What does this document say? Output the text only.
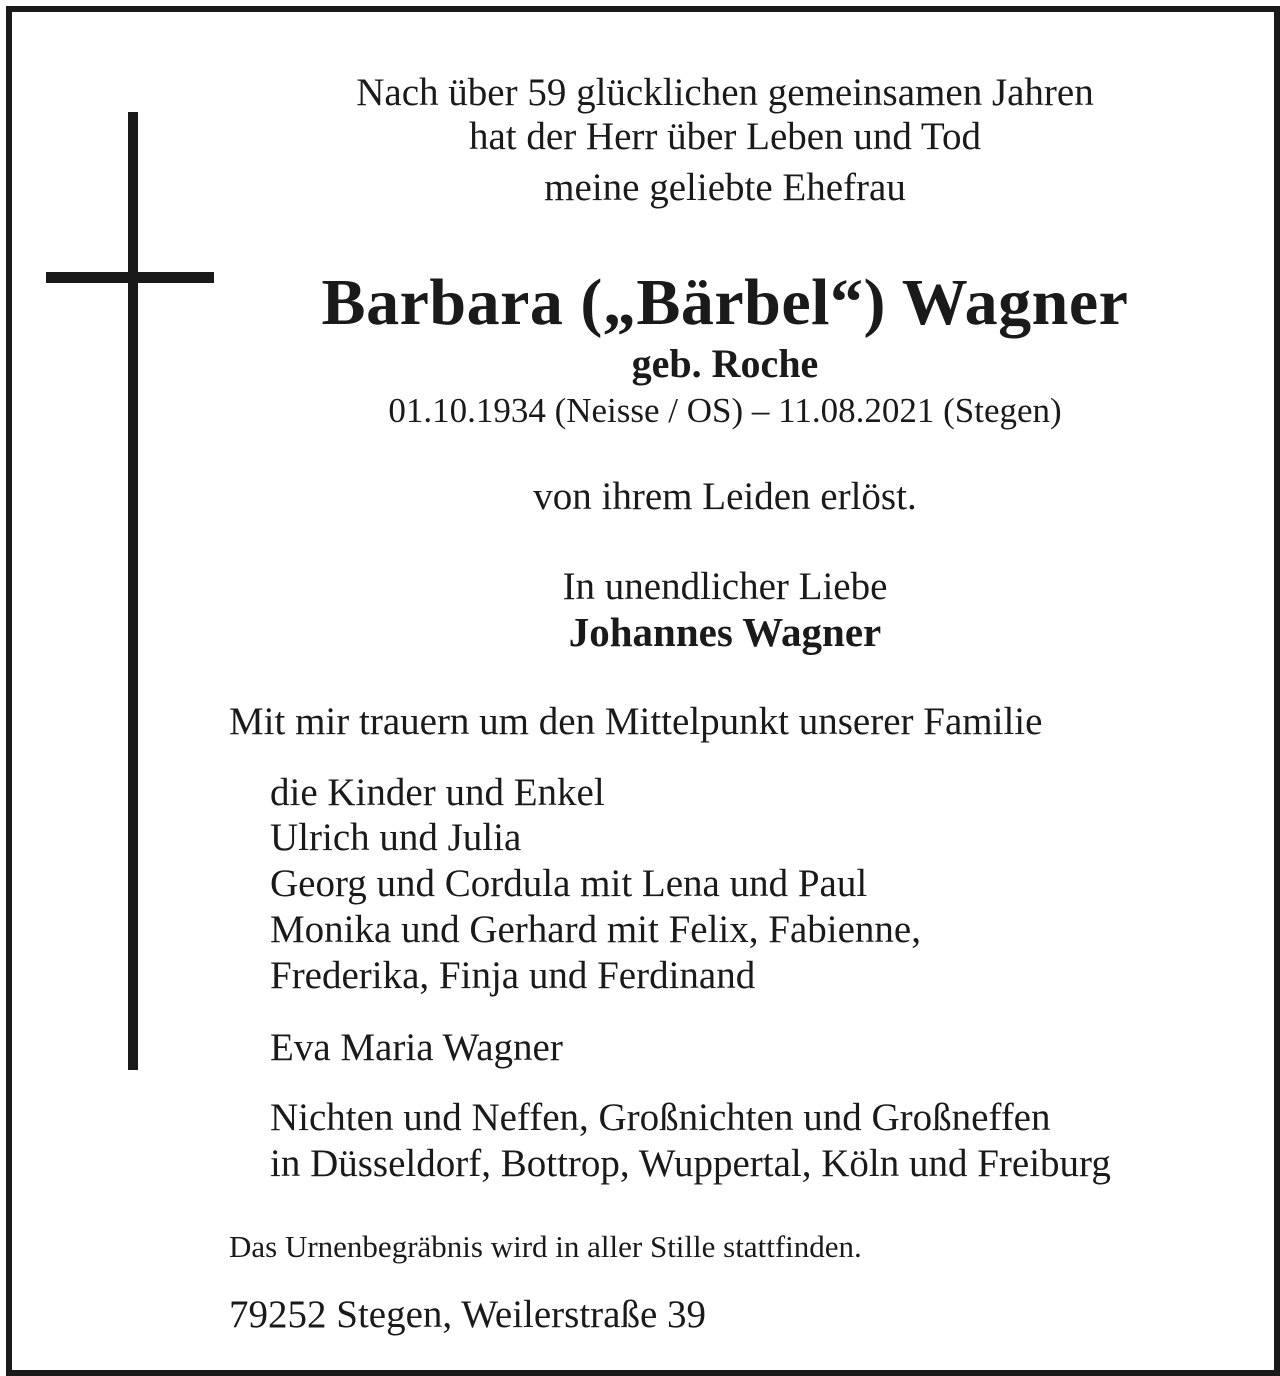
Nach über 59 glücklichen gemeinsamen Jahren
hat der Herr über Leben und Tod
meine geliebte Ehefrau
Barbara („Bärbel“) Wagner
geb. Roche
01.10.1934 (Neisse / OS) – 11.08.2021 (Stegen)
von ihrem Leiden erlöst.
In unendlicher Liebe
Johannes Wagner
Mit mir trauern um den Mittelpunkt unserer Familie
die Kinder und Enkel
Ulrich und Julia
Georg und Cordula mit Lena und Paul
Monika und Gerhard mit Felix, Fabienne,
Frederika, Finja und Ferdinand
Eva Maria Wagner
Nichten und Neffen, Großnichten und Großneffen
in Düsseldorf, Bottrop, Wuppertal, Köln und Freiburg
Das Urnenbegräbnis wird in aller Stille stattfinden.
79252 Stegen, Weilerstraße 39
